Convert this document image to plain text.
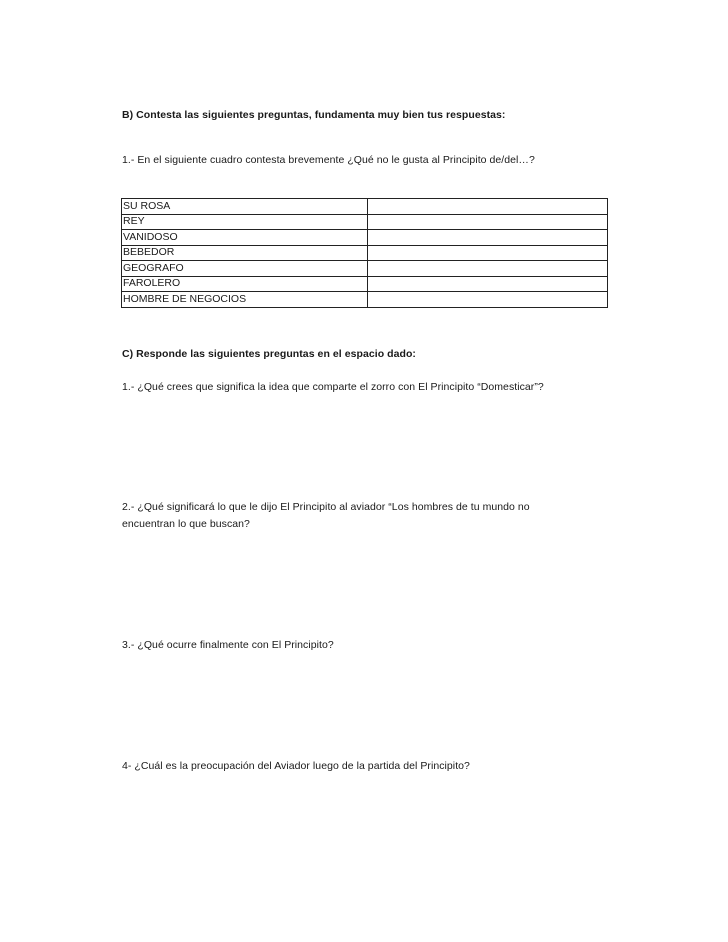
B) Contesta las siguientes preguntas, fundamenta muy bien tus respuestas:
1.- En el siguiente cuadro contesta brevemente ¿Qué no le gusta al Principito de/del…?
SU ROSA	
REY	
VANIDOSO	
BEBEDOR	
GEOGRAFO	
FAROLERO	
HOMBRE DE NEGOCIOS	
C) Responde las siguientes preguntas en el espacio dado:
1.- ¿Qué crees que significa la idea que comparte el zorro con El Principito “Domesticar”?
2.- ¿Qué significará lo que le dijo El Principito al aviador “Los hombres de tu mundo no
encuentran lo que buscan?
3.- ¿Qué ocurre finalmente con El Principito?
4- ¿Cuál es la preocupación del Aviador luego de la partida del Principito?
